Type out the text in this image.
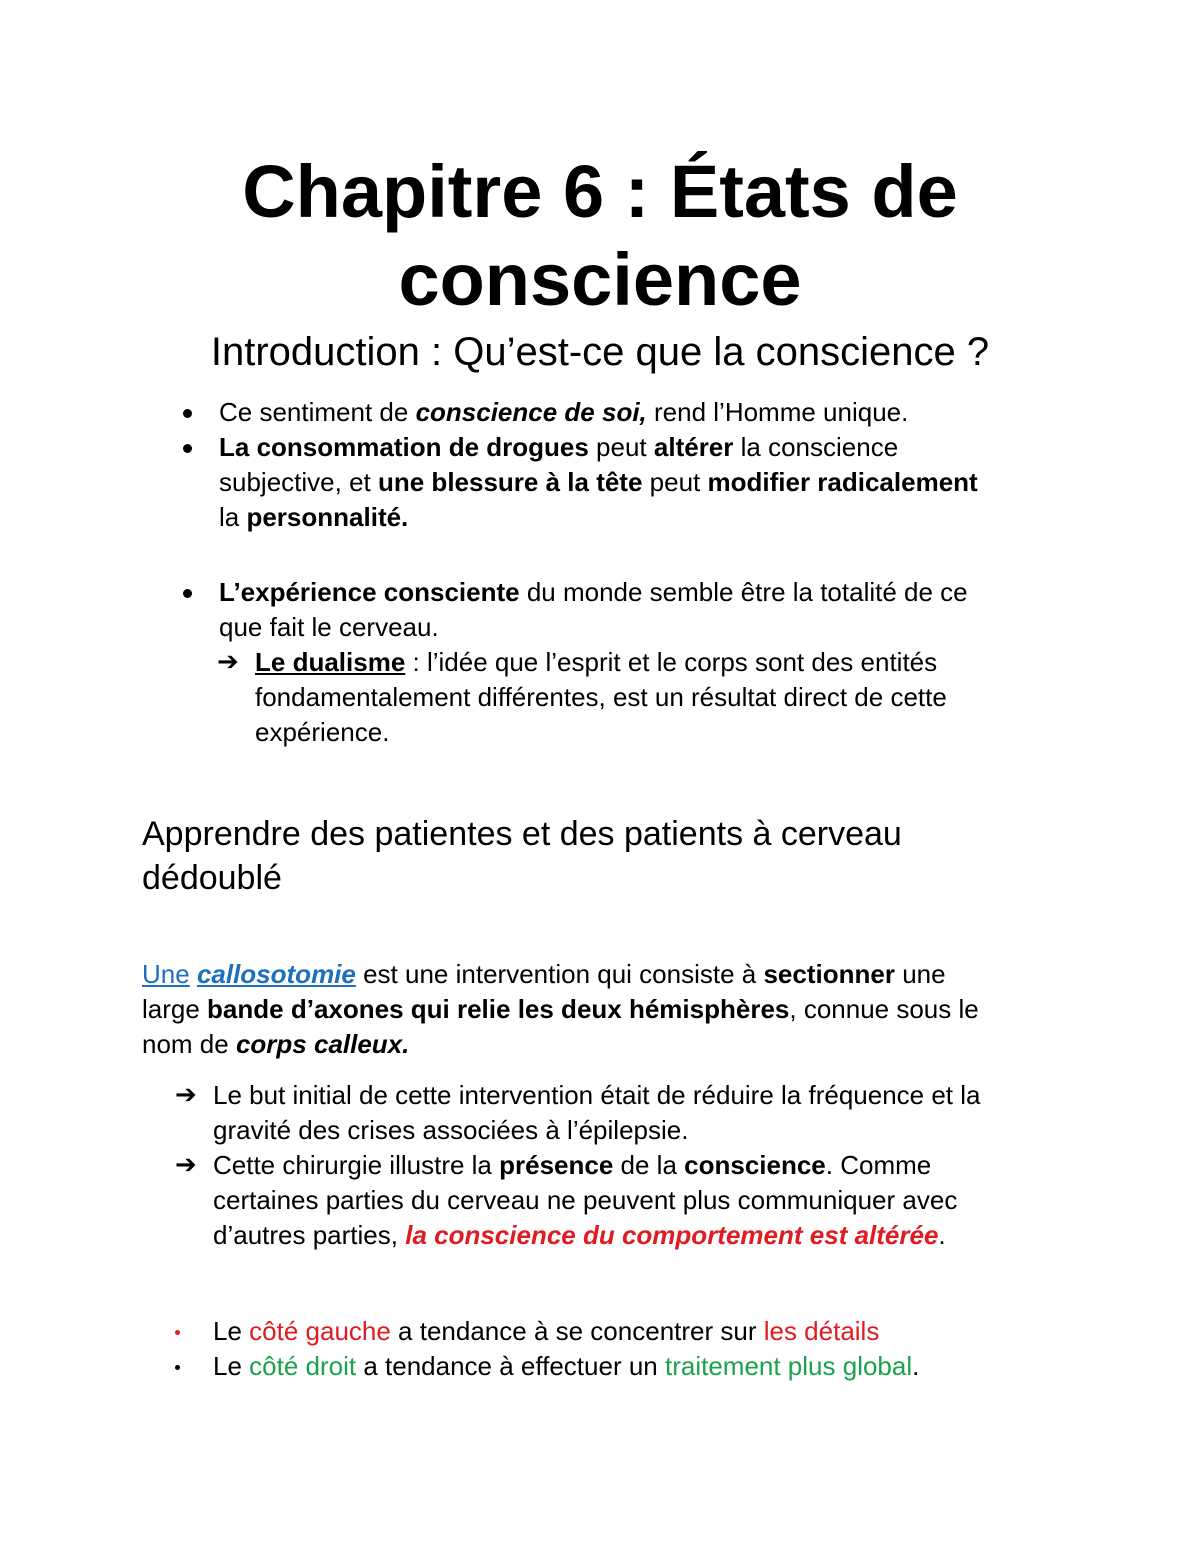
Chapitre 6 : États de
conscience
Introduction : Qu’est-ce que la conscience ?
Ce sentiment de conscience de soi, rend l’Homme unique.
La consommation de drogues peut altérer la conscience
subjective, et une blessure à la tête peut modifier radicalement
la personnalité.
L’expérience consciente du monde semble être la totalité de ce
que fait le cerveau.
➔ Le dualisme : l’idée que l’esprit et le corps sont des entités
fondamentalement différentes, est un résultat direct de cette
expérience.
Apprendre des patientes et des patients à cerveau
dédoublé
Une callosotomie est une intervention qui consiste à sectionner une
large bande d’axones qui relie les deux hémisphères, connue sous le
nom de corps calleux.
➔ Le but initial de cette intervention était de réduire la fréquence et la
gravité des crises associées à l’épilepsie.
➔ Cette chirurgie illustre la présence de la conscience. Comme
certaines parties du cerveau ne peuvent plus communiquer avec
d’autres parties, la conscience du comportement est altérée.
Le côté gauche a tendance à se concentrer sur les détails
Le côté droit a tendance à effectuer un traitement plus global.
